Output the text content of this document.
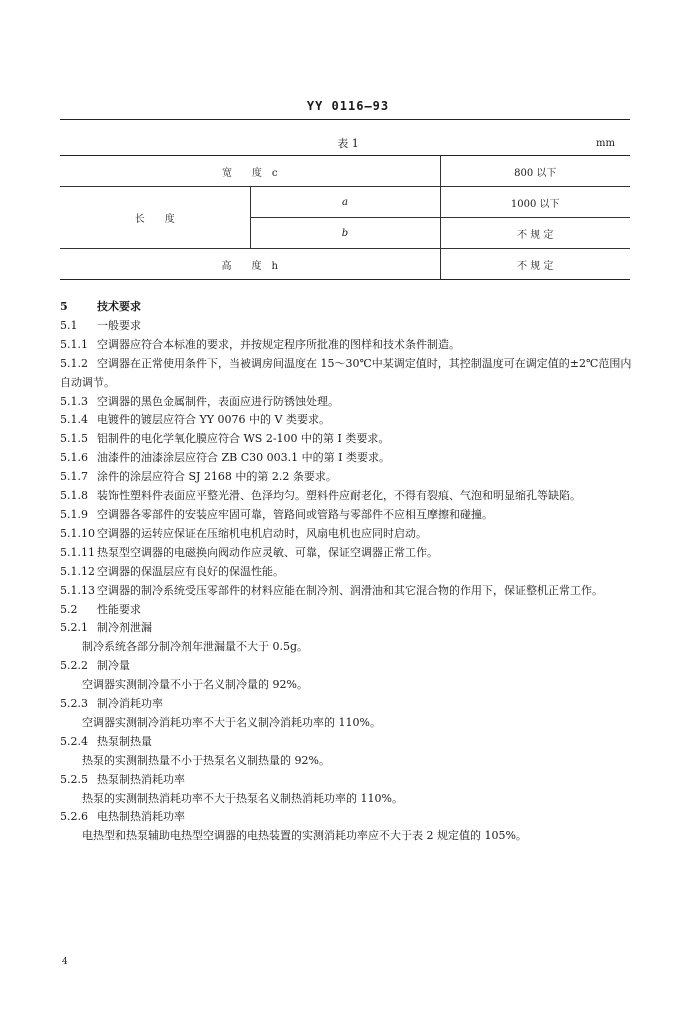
YY 0116—93
表 1	mm
宽　　度　c		800 以下
长　　度	a	1000 以下
	b	不 规 定
高　　度　h		不 规 定

5	技术要求

5.1 一般要求

5.1.1 空调器应符合本标准的要求，并按规定程序所批准的图样和技术条件制造。

5.1.2 空调器在正常使用条件下，当被调房间温度在 15～30℃中某调定值时，其控制温度可在调定值的±2℃范围内自动调节。

5.1.3 空调器的黑色金属制件，表面应进行防锈蚀处理。

5.1.4 电镀件的镀层应符合 YY 0076 中的 V 类要求。

5.1.5 铝制件的电化学氧化膜应符合 WS 2-100 中的第 I 类要求。

5.1.6 油漆件的油漆涂层应符合 ZB C30 003.1 中的第 I 类要求。

5.1.7 涂件的涂层应符合 SJ 2168 中的第 2.2 条要求。

5.1.8 装饰性塑料件表面应平整光滑、色泽均匀。塑料件应耐老化，不得有裂痕、气泡和明显缩孔等缺陷。

5.1.9 空调器各零部件的安装应牢固可靠，管路间或管路与零部件不应相互摩擦和碰撞。

5.1.10 空调器的运转应保证在压缩机电机启动时，风扇电机也应同时启动。

5.1.11 热泵型空调器的电磁换向阀动作应灵敏、可靠，保证空调器正常工作。

5.1.12 空调器的保温层应有良好的保温性能。

5.1.13 空调器的制冷系统受压零部件的材料应能在制冷剂、润滑油和其它混合物的作用下，保证整机正常工作。

5.2 性能要求

5.2.1 制冷剂泄漏

制冷系统各部分制冷剂年泄漏量不大于 0.5g。

5.2.2 制冷量

空调器实测制冷量不小于名义制冷量的 92%。

5.2.3 制冷消耗功率

空调器实测制冷消耗功率不大于名义制冷消耗功率的 110%。

5.2.4 热泵制热量

热泵的实测制热量不小于热泵名义制热量的 92%。

5.2.5 热泵制热消耗功率

热泵的实测制热消耗功率不大于热泵名义制热消耗功率的 110%。

5.2.6 电热制热消耗功率

电热型和热泵辅助电热型空调器的电热装置的实测消耗功率应不大于表 2 规定值的 105%。

4
